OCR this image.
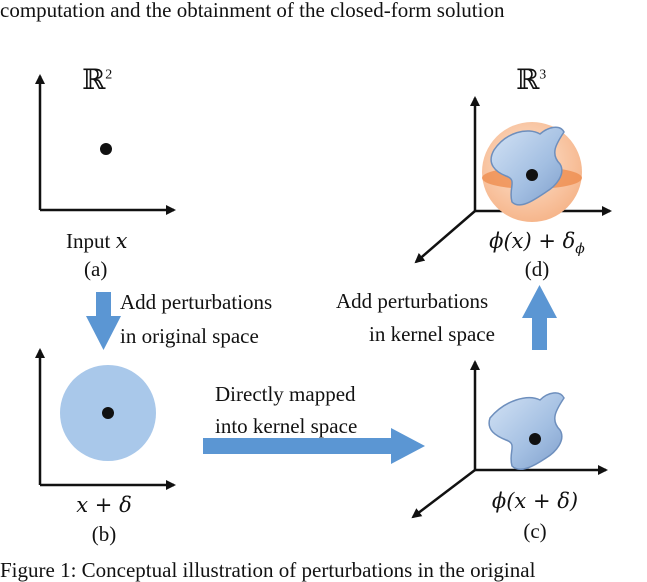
computation and the obtainment of the closed-form solution
ℝ$^2$
Input x
(a)
Add perturbations
in original space
x + δ
(b)
Directly mapped
into kernel space
ϕ(x + δ)
(c)
Add perturbations
in kernel space
ℝ$^3$
$\phi(x) + \delta_\phi$
(d)
Figure 1: Conceptual illustration of perturbations in the original
